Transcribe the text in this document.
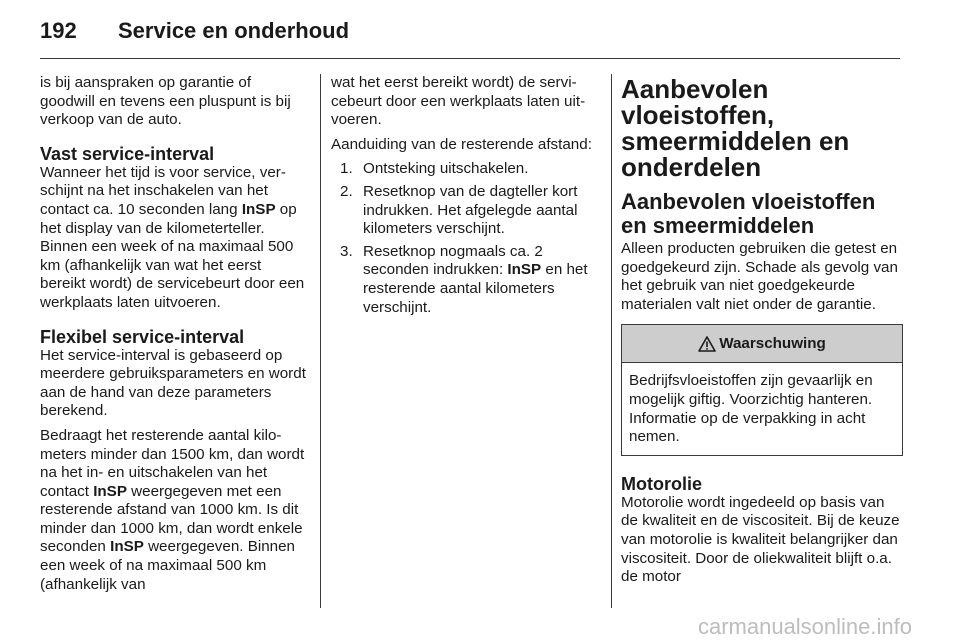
192 Service en onderhoud

is bij aanspraken op garantie of goodwill en tevens een pluspunt is bij verkoop van de auto.

Vast service-interval

Wanneer het tijd is voor service, verschijnt na het inschakelen van het contact ca. 10 seconden lang InSP op het display van de kilometerteller. Binnen een week of na maximaal 500 km (afhankelijk van wat het eerst bereikt wordt) de servicebeurt door een werkplaats laten uitvoeren.

Flexibel service-interval

Het service-interval is gebaseerd op meerdere gebruiksparameters en wordt aan de hand van deze parameters berekend.

Bedraagt het resterende aantal kilometers minder dan 1500 km, dan wordt na het in- en uitschakelen van het contact InSP weergegeven met een resterende afstand van 1000 km. Is dit minder dan 1000 km, dan wordt enkele seconden InSP weergegeven. Binnen een week of na maximaal 500 km (afhankelijk van

wat het eerst bereikt wordt) de servicebeurt door een werkplaats laten uitvoeren.

Aanduiding van de resterende afstand:

1. Ontsteking uitschakelen.
2. Resetknop van de dagteller kort indrukken. Het afgelegde aantal kilometers verschijnt.
3. Resetknop nogmaals ca. 2 seconden indrukken: InSP en het resterende aantal kilometers verschijnt.
Aanbevolen vloeistoffen, smeermiddelen en onderdelen
Aanbevolen vloeistoffen en smeermiddelen

Alleen producten gebruiken die getest en goedgekeurd zijn. Schade als gevolg van het gebruik van niet goedgekeurde materialen valt niet onder de garantie.

Waarschuwing
Bedrijfsvloeistoffen zijn gevaarlijk en mogelijk giftig. Voorzichtig hanteren. Informatie op de verpakking in acht nemen.
Motorolie

Motorolie wordt ingedeeld op basis van de kwaliteit en de viscositeit. Bij de keuze van motorolie is kwaliteit belangrijker dan viscositeit. Door de oliekwaliteit blijft o.a. de motor

carmanualsonline.info
